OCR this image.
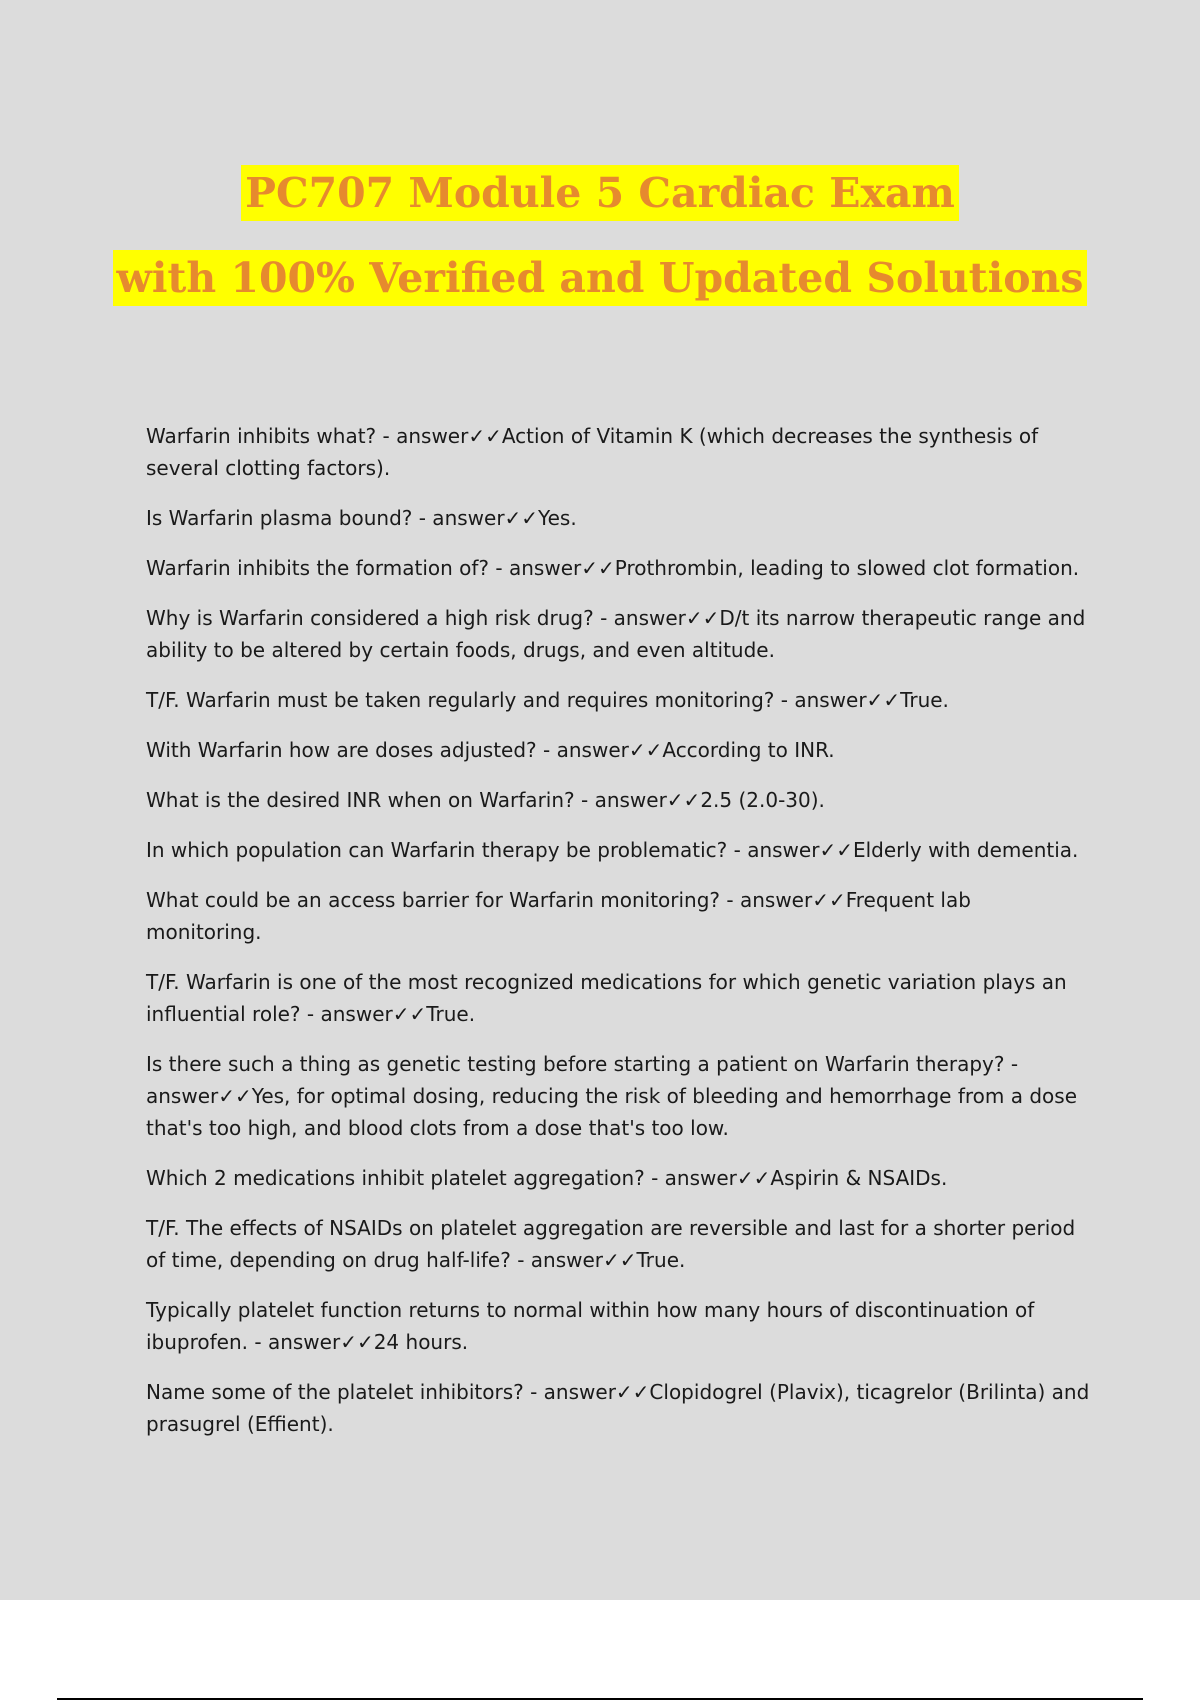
PC707 Module 5 Cardiac Exam
with 100% Verified and Updated Solutions

Warfarin inhibits what? - answer✓✓Action of Vitamin K (which decreases the synthesis of several clotting factors).

Is Warfarin plasma bound? - answer✓✓Yes.

Warfarin inhibits the formation of? - answer✓✓Prothrombin, leading to slowed clot formation.

Why is Warfarin considered a high risk drug? - answer✓✓D/t its narrow therapeutic range and ability to be altered by certain foods, drugs, and even altitude.

T/F. Warfarin must be taken regularly and requires monitoring? - answer✓✓True.

With Warfarin how are doses adjusted? - answer✓✓According to INR.

What is the desired INR when on Warfarin? - answer✓✓2.5 (2.0-30).

In which population can Warfarin therapy be problematic? - answer✓✓Elderly with dementia.

What could be an access barrier for Warfarin monitoring? - answer✓✓Frequent lab monitoring.

T/F. Warfarin is one of the most recognized medications for which genetic variation plays an influential role? - answer✓✓True.

Is there such a thing as genetic testing before starting a patient on Warfarin therapy? - answer✓✓Yes, for optimal dosing, reducing the risk of bleeding and hemorrhage from a dose that's too high, and blood clots from a dose that's too low.

Which 2 medications inhibit platelet aggregation? - answer✓✓Aspirin & NSAIDs.

T/F. The effects of NSAIDs on platelet aggregation are reversible and last for a shorter period of time, depending on drug half-life? - answer✓✓True.

Typically platelet function returns to normal within how many hours of discontinuation of ibuprofen. - answer✓✓24 hours.

Name some of the platelet inhibitors? - answer✓✓Clopidogrel (Plavix), ticagrelor (Brilinta) and prasugrel (Effient).
